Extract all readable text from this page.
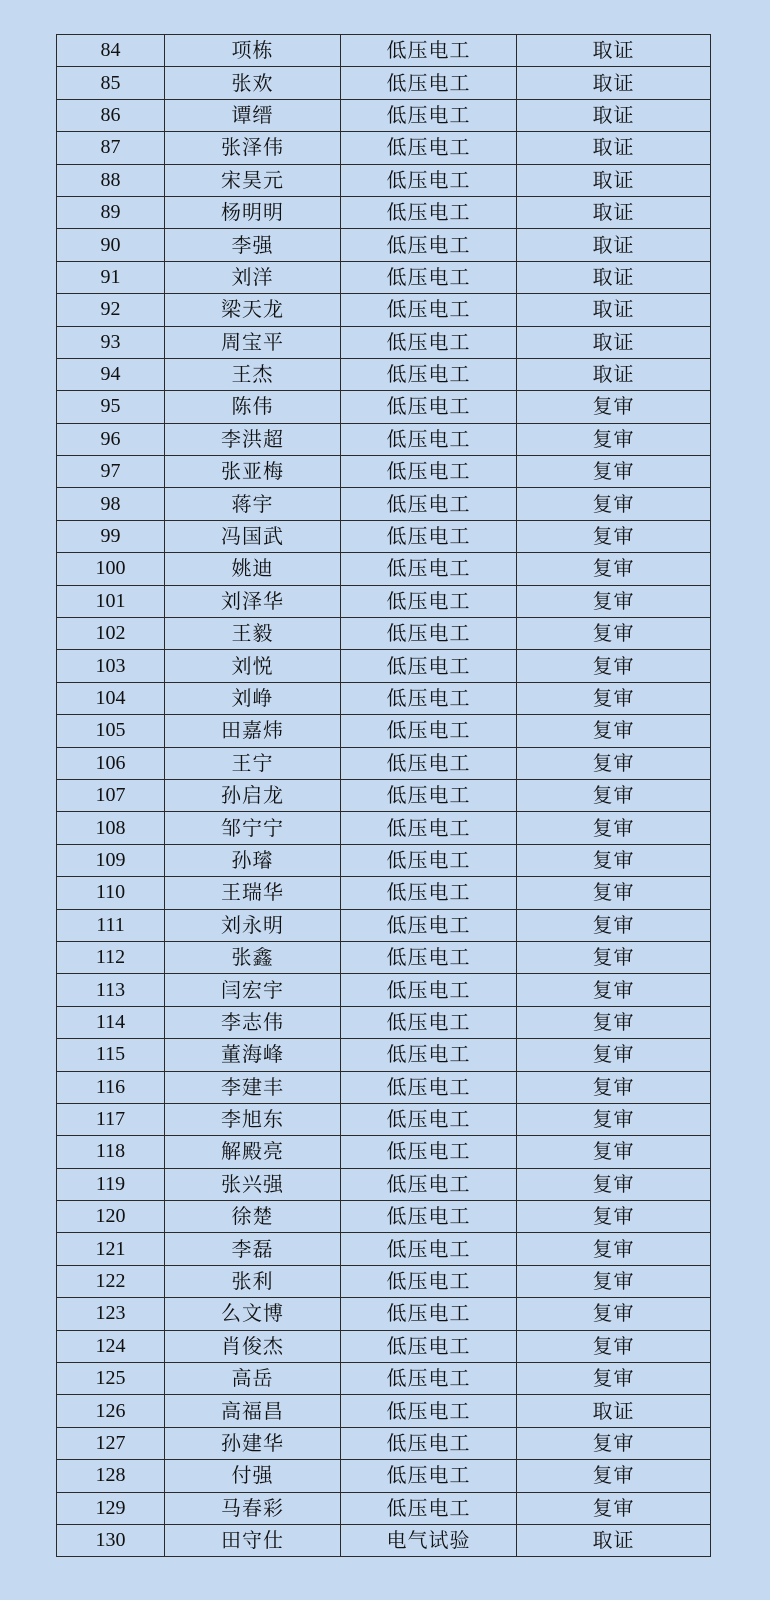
84	项栋	低压电工	取证
85	张欢	低压电工	取证
86	谭缙	低压电工	取证
87	张泽伟	低压电工	取证
88	宋昊元	低压电工	取证
89	杨明明	低压电工	取证
90	李强	低压电工	取证
91	刘洋	低压电工	取证
92	梁天龙	低压电工	取证
93	周宝平	低压电工	取证
94	王杰	低压电工	取证
95	陈伟	低压电工	复审
96	李洪超	低压电工	复审
97	张亚梅	低压电工	复审
98	蒋宇	低压电工	复审
99	冯国武	低压电工	复审
100	姚迪	低压电工	复审
101	刘泽华	低压电工	复审
102	王毅	低压电工	复审
103	刘悦	低压电工	复审
104	刘峥	低压电工	复审
105	田嘉炜	低压电工	复审
106	王宁	低压电工	复审
107	孙启龙	低压电工	复审
108	邹宁宁	低压电工	复审
109	孙璿	低压电工	复审
110	王瑞华	低压电工	复审
111	刘永明	低压电工	复审
112	张鑫	低压电工	复审
113	闫宏宇	低压电工	复审
114	李志伟	低压电工	复审
115	董海峰	低压电工	复审
116	李建丰	低压电工	复审
117	李旭东	低压电工	复审
118	解殿亮	低压电工	复审
119	张兴强	低压电工	复审
120	徐楚	低压电工	复审
121	李磊	低压电工	复审
122	张利	低压电工	复审
123	么文博	低压电工	复审
124	肖俊杰	低压电工	复审
125	高岳	低压电工	复审
126	高福昌	低压电工	取证
127	孙建华	低压电工	复审
128	付强	低压电工	复审
129	马春彩	低压电工	复审
130	田守仕	电气试验	取证
